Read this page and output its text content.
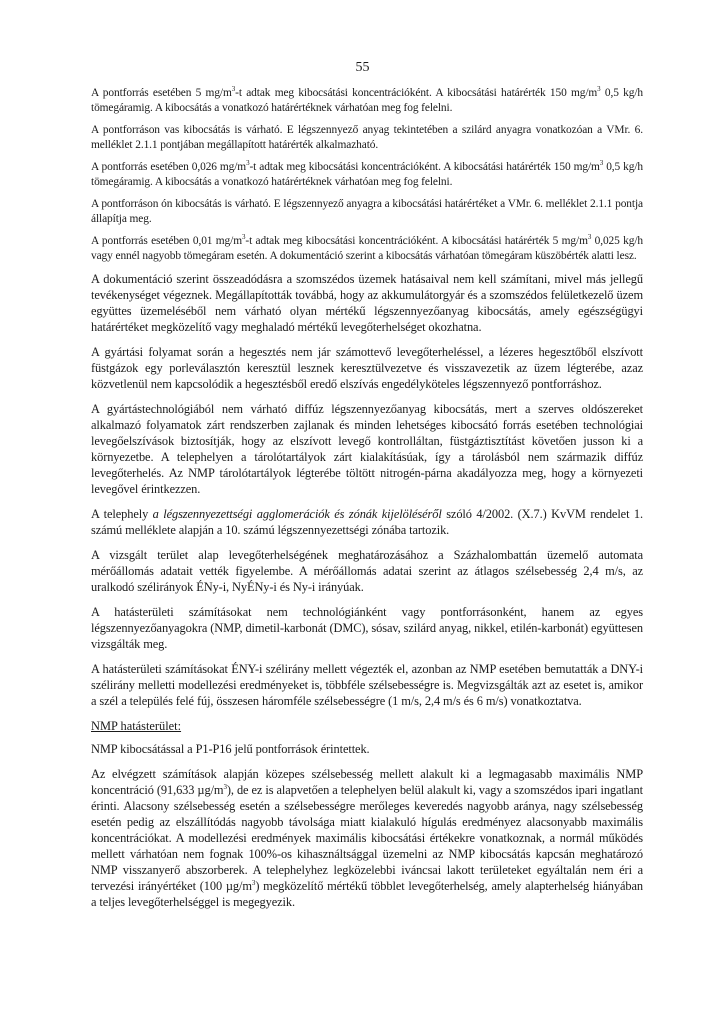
55

A pontforrás esetében 5 $mg/m^3-t$ adtak meg kibocsátási koncentrációként. A kibocsátási határérték 150 $mg/m^3$ 0,5 kg/h tömegáramig. A kibocsátás a vonatkozó határértéknek várhatóan meg fog felelni.

A pontforráson vas kibocsátás is várható. E légszennyező anyag tekintetében a szilárd anyagra vonatkozóan a VMr. 6. melléklet 2.1.1 pontjában megállapított határérték alkalmazható.

A pontforrás esetében 0,026 $mg/m^3-t$ adtak meg kibocsátási koncentrációként. A kibocsátási határérték 150 $mg/m^3$ 0,5 kg/h tömegáramig. A kibocsátás a vonatkozó határértéknek várhatóan meg fog felelni.

A pontforráson ón kibocsátás is várható. E légszennyező anyagra a kibocsátási határértéket a VMr. 6. melléklet 2.1.1 pontja állapítja meg.

A pontforrás esetében 0,01 $mg/m^3-t$ adtak meg kibocsátási koncentrációként. A kibocsátási határérték 5 $mg/m^3$ 0,025 kg/h vagy ennél nagyobb tömegáram esetén. A dokumentáció szerint a kibocsátás várhatóan tömegáram küszöbérték alatti lesz.

A dokumentáció szerint összeadódásra a szomszédos üzemek hatásaival nem kell számítani, mivel más jellegű tevékenységet végeznek. Megállapították továbbá, hogy az akkumulátorgyár és a szomszédos felületkezelő üzem együttes üzemeléséből nem várható olyan mértékű légszennyezőanyag kibocsátás, amely egészségügyi határértéket megközelítő vagy meghaladó mértékű levegőterhelséget okozhatna.

A gyártási folyamat során a hegesztés nem jár számottevő levegőterheléssel, a lézeres hegesztőből elszívott füstgázok egy porleválasztón keresztül lesznek keresztülvezetve és visszavezetik az üzem légterébe, azaz közvetlenül nem kapcsolódik a hegesztésből eredő elszívás engedélyköteles légszennyező pontforráshoz.

A gyártástechnológiából nem várható diffúz légszennyezőanyag kibocsátás, mert a szerves oldószereket alkalmazó folyamatok zárt rendszerben zajlanak és minden lehetséges kibocsátó forrás esetében technológiai levegőelszívások biztosítják, hogy az elszívott levegő kontrolláltan, füstgáztisztítást követően jusson ki a környezetbe. A telephelyen a tárolótartályok zárt kialakításúak, így a tárolásból nem származik diffúz levegőterhelés. Az NMP tárolótartályok légterébe töltött nitrogén-párna akadályozza meg, hogy a környezeti levegővel érintkezzen.

A telephely a légszennyezettségi agglomerációk és zónák kijelöléséről szóló 4/2002. (X.7.) KvVM rendelet 1. számú melléklete alapján a 10. számú légszennyezettségi zónába tartozik.

A vizsgált terület alap levegőterhelségének meghatározásához a Százhalombattán üzemelő automata mérőállomás adatait vették figyelembe. A mérőállomás adatai szerint az átlagos szélsebesség 2,4 m/s, az uralkodó szélirányok ÉNy-i, NyÉNy-i és Ny-i irányúak.

A hatásterületi számításokat nem technológiánként vagy pontforrásonként, hanem az egyes légszennyezőanyagokra (NMP, dimetil-karbonát (DMC), sósav, szilárd anyag, nikkel, etilén-karbonát) együttesen vizsgálták meg.

A hatásterületi számításokat ÉNY-i szélirány mellett végezték el, azonban az NMP esetében bemutatták a DNY-i szélirány melletti modellezési eredményeket is, többféle szélsebességre is. Megvizsgálták azt az esetet is, amikor a szél a település felé fúj, összesen háromféle szélsebességre (1 m/s, 2,4 m/s és 6 m/s) vonatkoztatva.

NMP hatásterület:

NMP kibocsátással a P1-P16 jelű pontforrások érintettek.

Az elvégzett számítások alapján közepes szélsebesség mellett alakult ki a legmagasabb maximális NMP koncentráció (91,633 $\mu g/m^3$), de ez is alapvetően a telephelyen belül alakult ki, vagy a szomszédos ipari ingatlant érinti. Alacsony szélsebesség esetén a szélsebességre merőleges keveredés nagyobb aránya, nagy szélsebesség esetén pedig az elszállítódás nagyobb távolsága miatt kialakuló hígulás eredményez alacsonyabb maximális koncentrációkat. A modellezési eredmények maximális kibocsátási értékekre vonatkoznak, a normál működés mellett várhatóan nem fognak 100%-os kihasználtsággal üzemelni az NMP kibocsátás kapcsán meghatározó NMP visszanyerő abszorberek. A telephelyhez legközelebbi iváncsai lakott területeket egyáltalán nem éri a tervezési irányértéket (100 $\mu g/m^3$) megközelítő mértékű többlet levegőterhelség, amely alapterhelség hiányában a teljes levegőterhelséggel is megegyezik.
